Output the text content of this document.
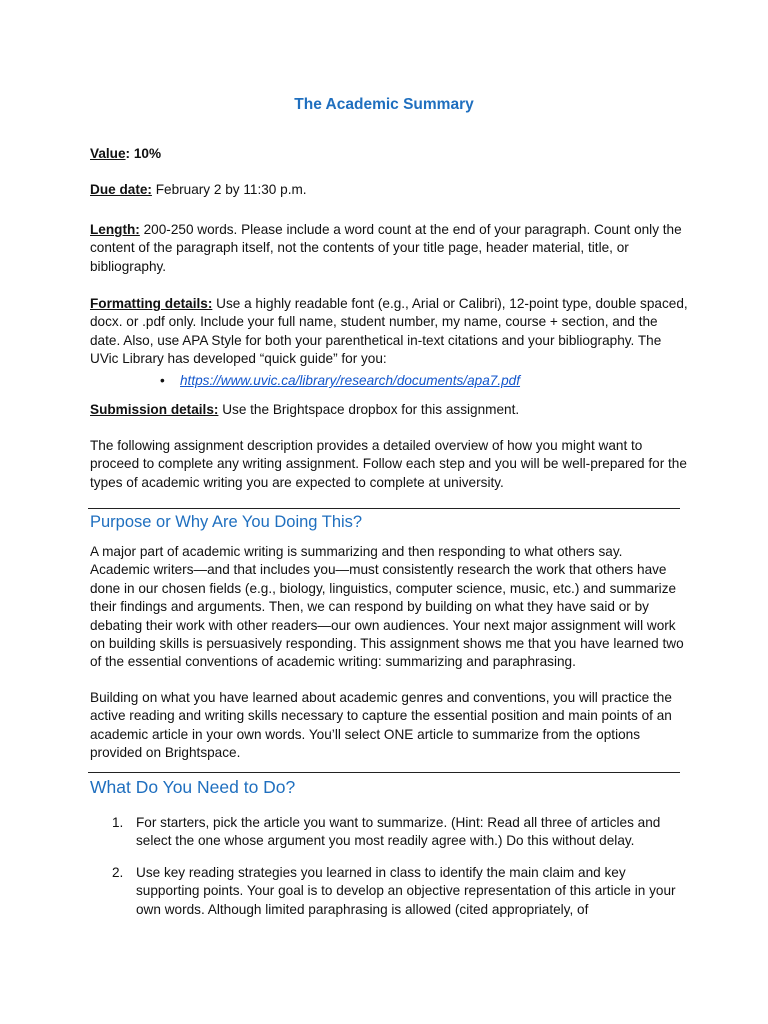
The Academic Summary

Value: 10%

Due date: February 2 by 11:30 p.m.

Length: 200-250 words. Please include a word count at the end of your paragraph. Count only the content of the paragraph itself, not the contents of your title page, header material, title, or bibliography.

Formatting details: Use a highly readable font (e.g., Arial or Calibri), 12-point type, double spaced, docx. or .pdf only. Include your full name, student number, my name, course + section, and the date. Also, use APA Style for both your parenthetical in-text citations and your bibliography. The UVic Library has developed “quick guide” for you:

• https://www.uvic.ca/library/research/documents/apa7.pdf

Submission details: Use the Brightspace dropbox for this assignment.

The following assignment description provides a detailed overview of how you might want to proceed to complete any writing assignment. Follow each step and you will be well-prepared for the types of academic writing you are expected to complete at university.

Purpose or Why Are You Doing This?

A major part of academic writing is summarizing and then responding to what others say. Academic writers—and that includes you—must consistently research the work that others have done in our chosen fields (e.g., biology, linguistics, computer science, music, etc.) and summarize their findings and arguments. Then, we can respond by building on what they have said or by debating their work with other readers—our own audiences. Your next major assignment will work on building skills is persuasively responding. This assignment shows me that you have learned two of the essential conventions of academic writing: summarizing and paraphrasing.

Building on what you have learned about academic genres and conventions, you will practice the active reading and writing skills necessary to capture the essential position and main points of an academic article in your own words. You’ll select ONE article to summarize from the options provided on Brightspace.

What Do You Need to Do?
1. For starters, pick the article you want to summarize. (Hint: Read all three of articles and select the one whose argument you most readily agree with.) Do this without delay.
2. Use key reading strategies you learned in class to identify the main claim and key supporting points. Your goal is to develop an objective representation of this article in your own words. Although limited paraphrasing is allowed (cited appropriately, of
